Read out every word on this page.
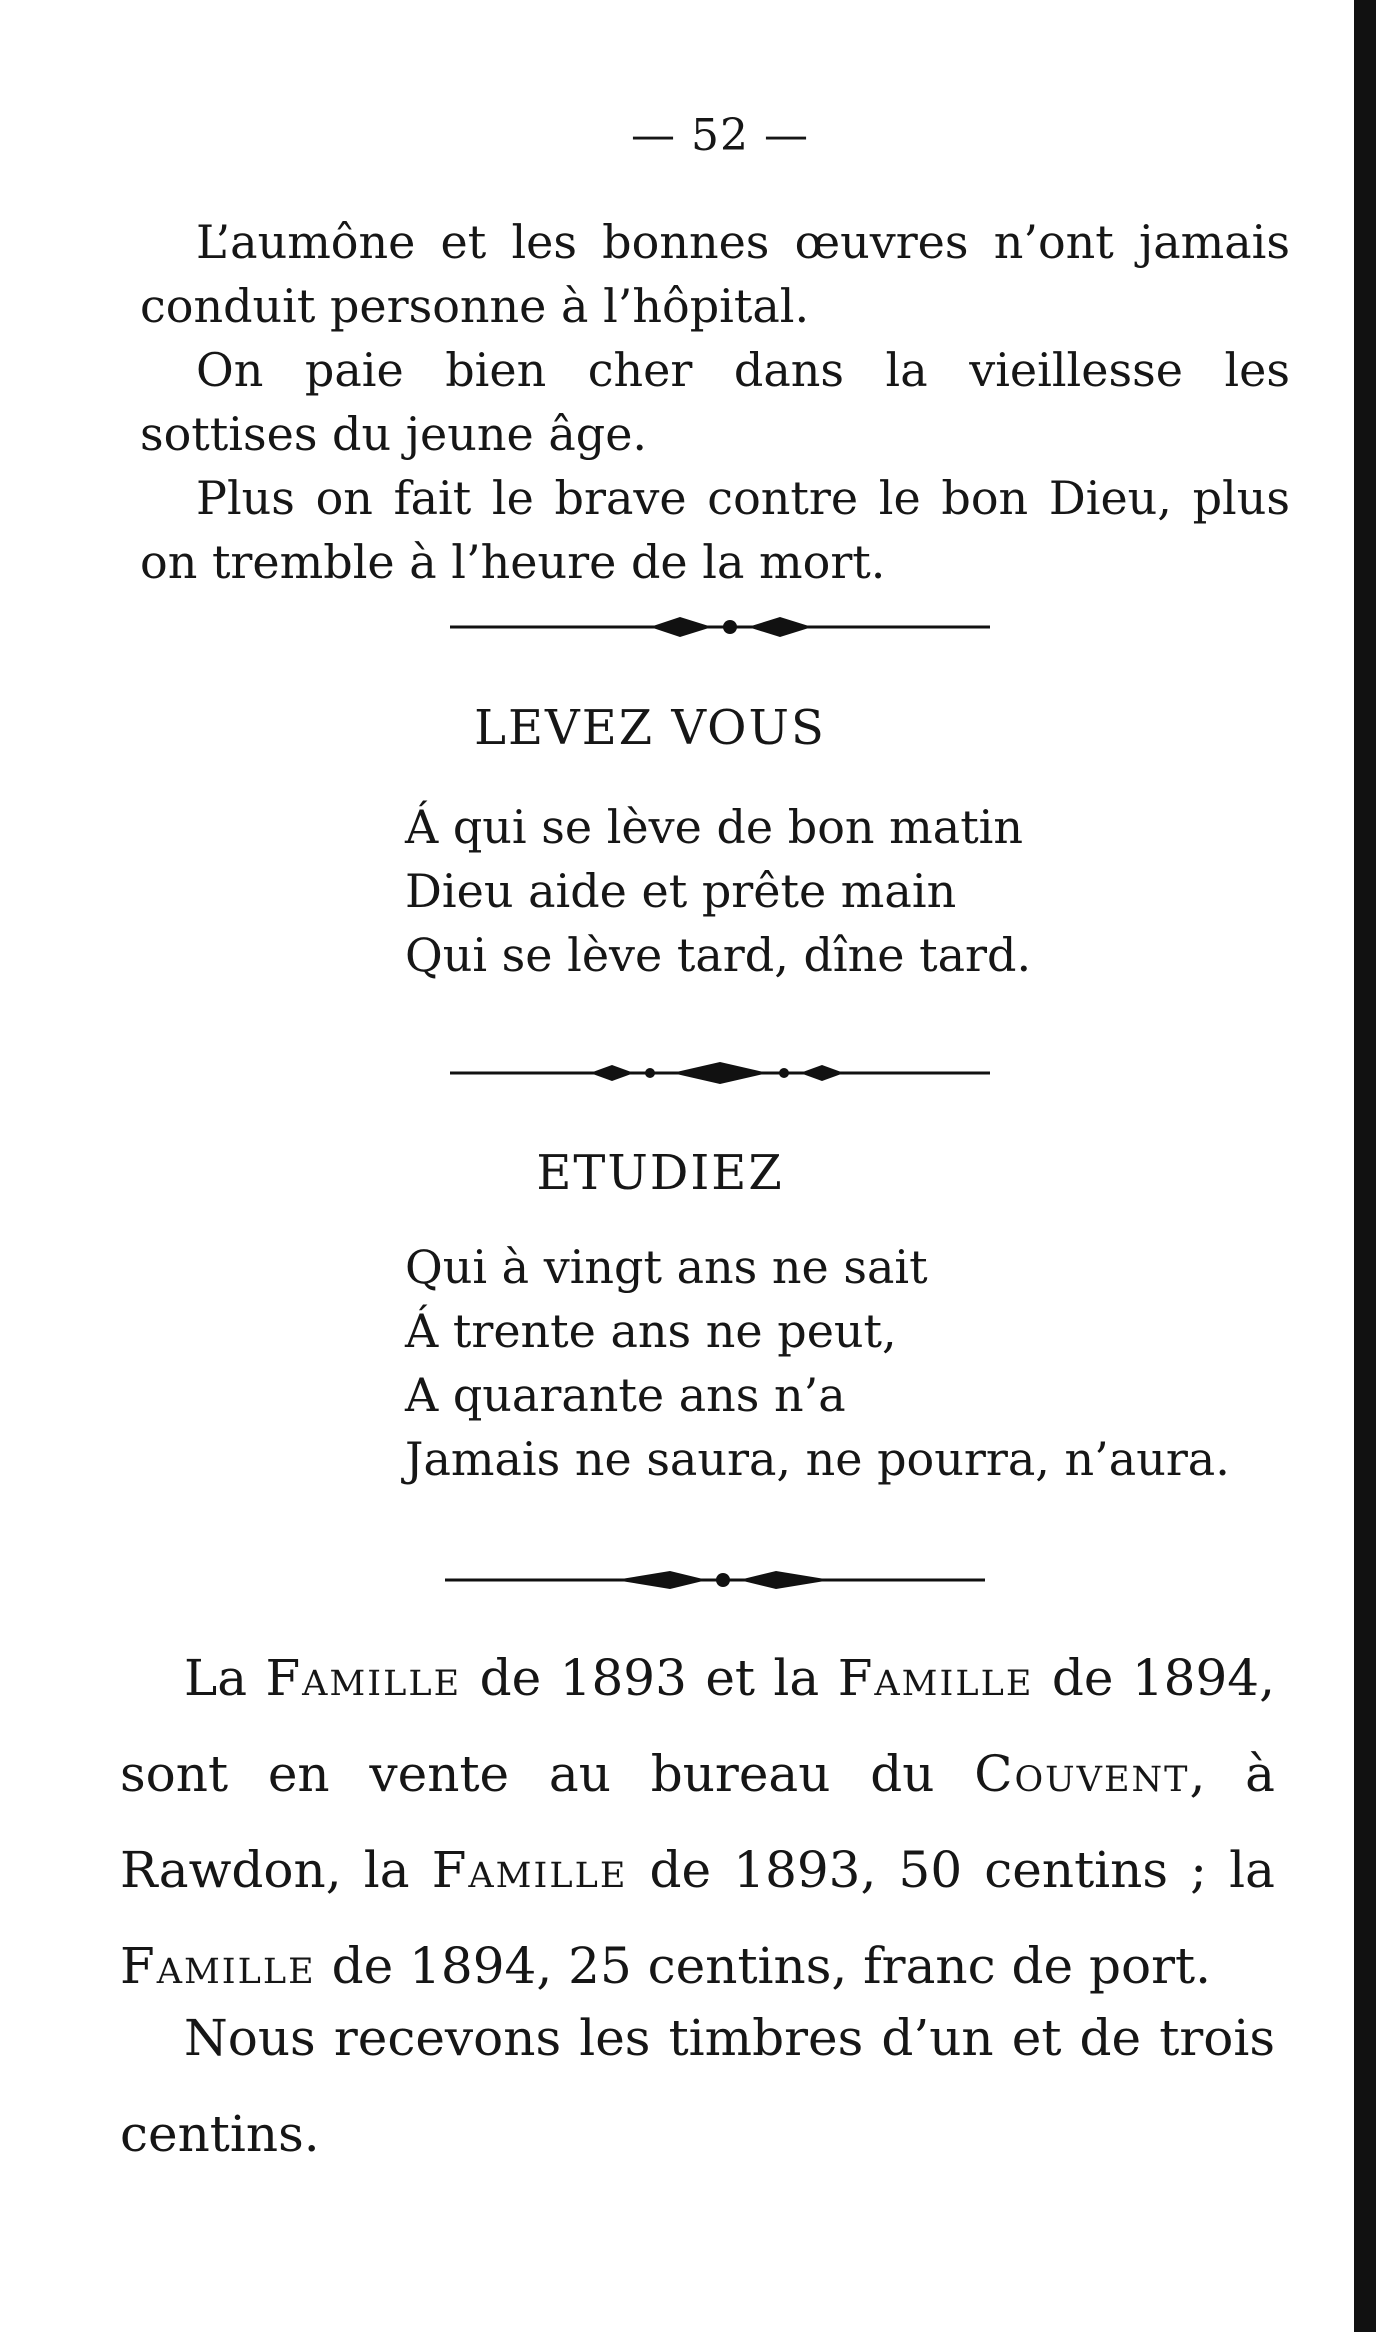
— 52 —
L’aumône et les bonnes œuvres n’ont jamais conduit personne à l’hôpital.
On paie bien cher dans la vieillesse les sottises du jeune âge.
Plus on fait le brave contre le bon Dieu, plus on tremble à l’heure de la mort.
LEVEZ VOUS
Á qui se lève de bon matin
Dieu aide et prête main
Qui se lève tard, dîne tard.
ETUDIEZ
Qui à vingt ans ne sait
Á trente ans ne peut,
A quarante ans n’a
Jamais ne saura, ne pourra, n’aura.
La Famille de 1893 et la Famille de 1894, sont en vente au bureau du Couvent, à Rawdon, la Famille de 1893, 50 centins ; la Famille de 1894, 25 centins, franc de port.
Nous recevons les timbres d’un et de trois centins.
